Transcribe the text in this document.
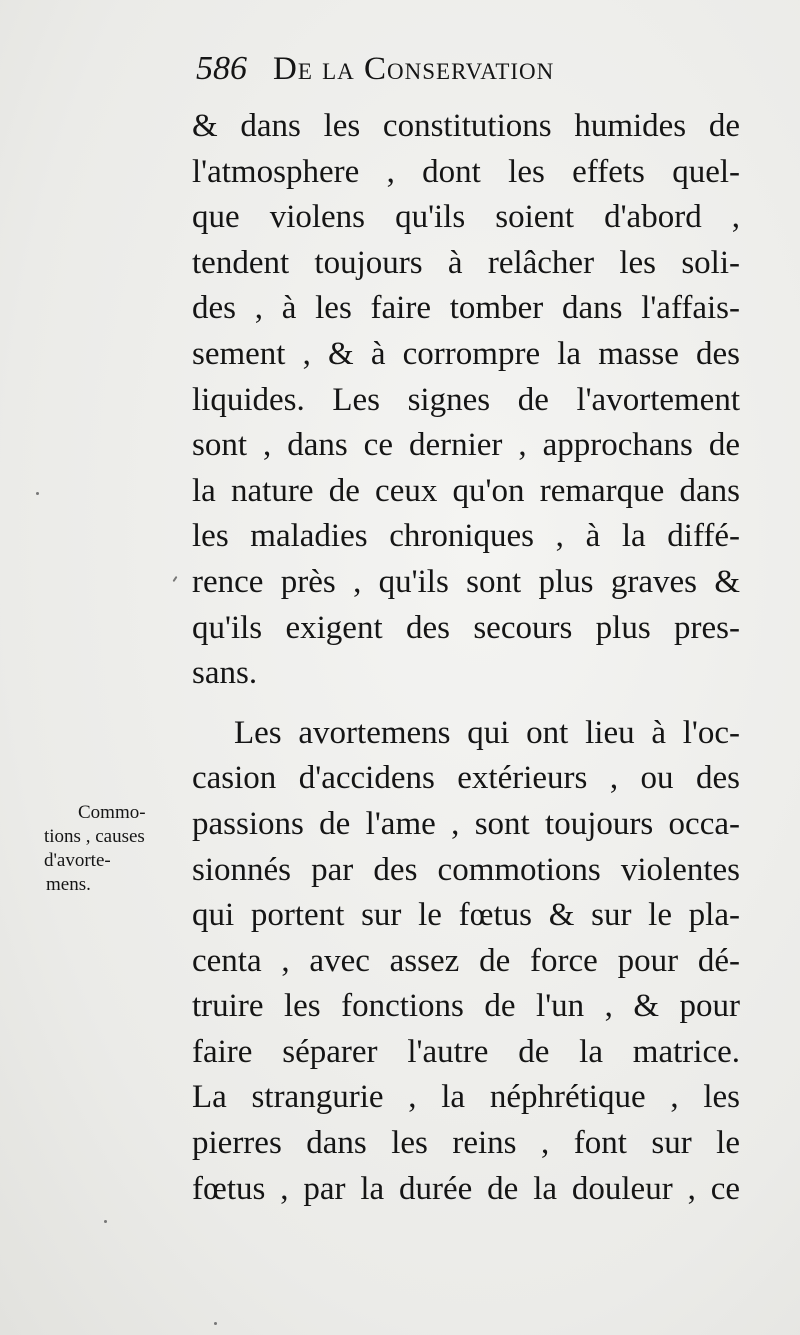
586 De la Conservation
Commo-
tions , causes
d'avorte-
mens.
& dans les constitutions humides de
l'atmosphere , dont les effets quel-
que violens qu'ils soient d'abord ,
tendent toujours à relâcher les soli-
des , à les faire tomber dans l'affais-
sement , & à corrompre la masse des
liquides. Les signes de l'avortement
sont , dans ce dernier , approchans de
la nature de ceux qu'on remarque dans
les maladies chroniques , à la diffé-
rence près , qu'ils sont plus graves &
qu'ils exigent des secours plus pres-
sans.
Les avortemens qui ont lieu à l'oc-
casion d'accidens extérieurs , ou des
passions de l'ame , sont toujours occa-
sionnés par des commotions violentes
qui portent sur le fœtus & sur le pla-
centa , avec assez de force pour dé-
truire les fonctions de l'un , & pour
faire séparer l'autre de la matrice.
La strangurie , la néphrétique , les
pierres dans les reins , font sur le
fœtus , par la durée de la douleur , ce
